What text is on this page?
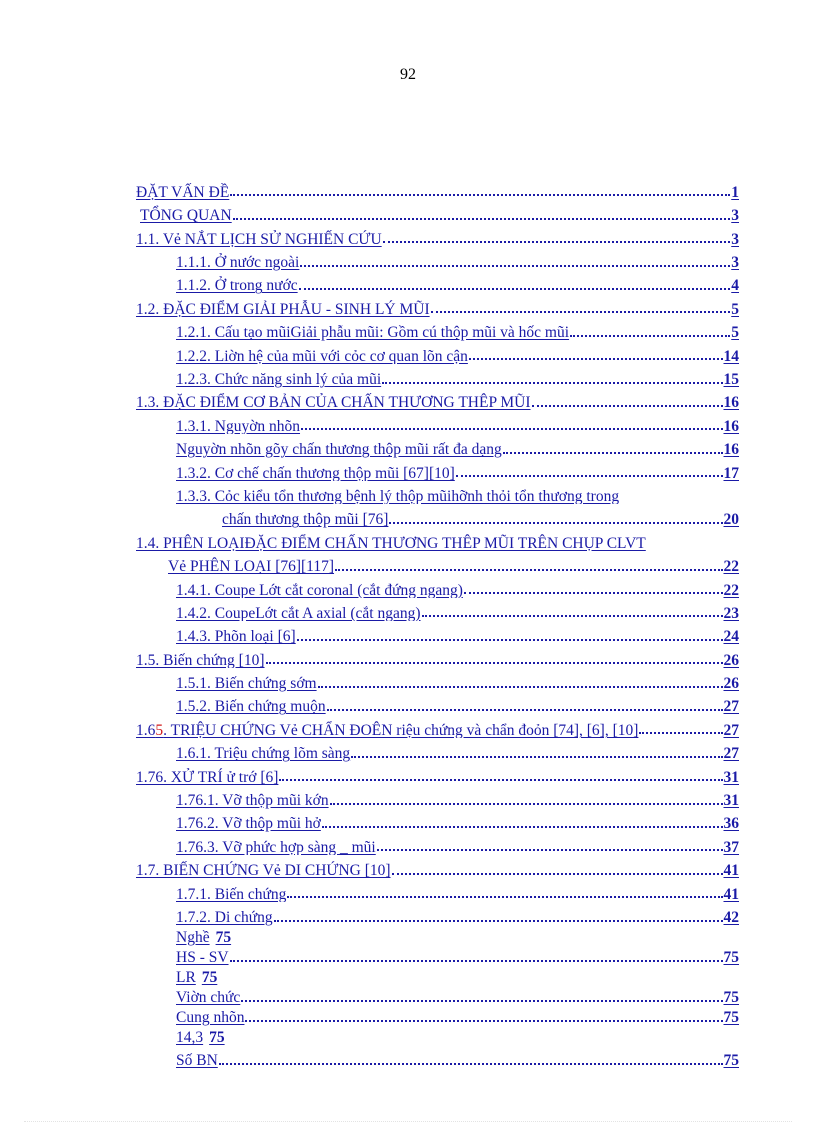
92
ĐẶT VẤN ĐỀ	1
TỔNG QUAN	3
1.1. Vẻ NẮT LỊCH SỬ NGHIẾN CỨU	3
1.1.1. Ở nước ngoài	3
1.1.2. Ở trong nước	4
1.2. ĐẶC ĐIỂM GIẢI PHẪU - SINH LÝ MŨI	5
1.2.1. Cấu tạo mũiGiải phẫu mũi: Gồm cú thộp mũi và hốc mũi	5
1.2.2. Liờn hệ của mũi với cỏc cơ quan lõn cận	14
1.2.3. Chức năng sinh lý của mũi	15
1.3. ĐẶC ĐIỂM CƠ BẢN CỦA CHẤN THƯƠNG THÊP MŨI	16
1.3.1. Nguyờn nhõn	16
Nguyờn nhõn gõy chấn thương thộp mũi rất đa dạng	16
1.3.2. Cơ chế chấn thương thộp mũi [67][10]	17
1.3.3. Cỏc kiểu tổn thương bệnh lý thộp mũihỡnh thỏi tổn thương trong
chấn thương thộp mũi [76]	20
1.4. PHÊN LOẠIĐẶC ĐIỂM CHẤN THƯƠNG THÊP MŨI TRÊN CHỤP CLVT
Vẻ PHÊN LOẠI [76][117]	22
1.4.1. Coupe Lớt cắt coronal (cắt đứng ngang)	22
1.4.2. CoupeLớt cắt A axial (cắt ngang)	23
1.4.3. Phõn loại [6]	24
1.5. Biến chứng [10]	26
1.5.1. Biến chứng sớm	26
1.5.2. Biến chứng muộn	27
1.65. TRIỆU CHỨNG Vẻ CHẨN ĐOÊN riệu chứng và chẩn đoỏn [74], [6], [10]	27
1.6.1. Triệu chứng lõm sàng	27
1.76. XỬ TRÍ ử trớ [6]	31
1.76.1. Vỡ thộp mũi kớn	31
1.76.2. Vỡ thộp mũi hở	36
1.76.3. Vỡ phức hợp sàng _ mũi	37
1.7. BIẾN CHỨNG Vẻ DI CHỨNG [10]	41
1.7.1. Biến chứng	41
1.7.2. Di chứng	42
Nghề 75
HS - SV	75
LR 75
Viờn chức	75
Cung nhõn	75
14,3 75
Số BN	75
